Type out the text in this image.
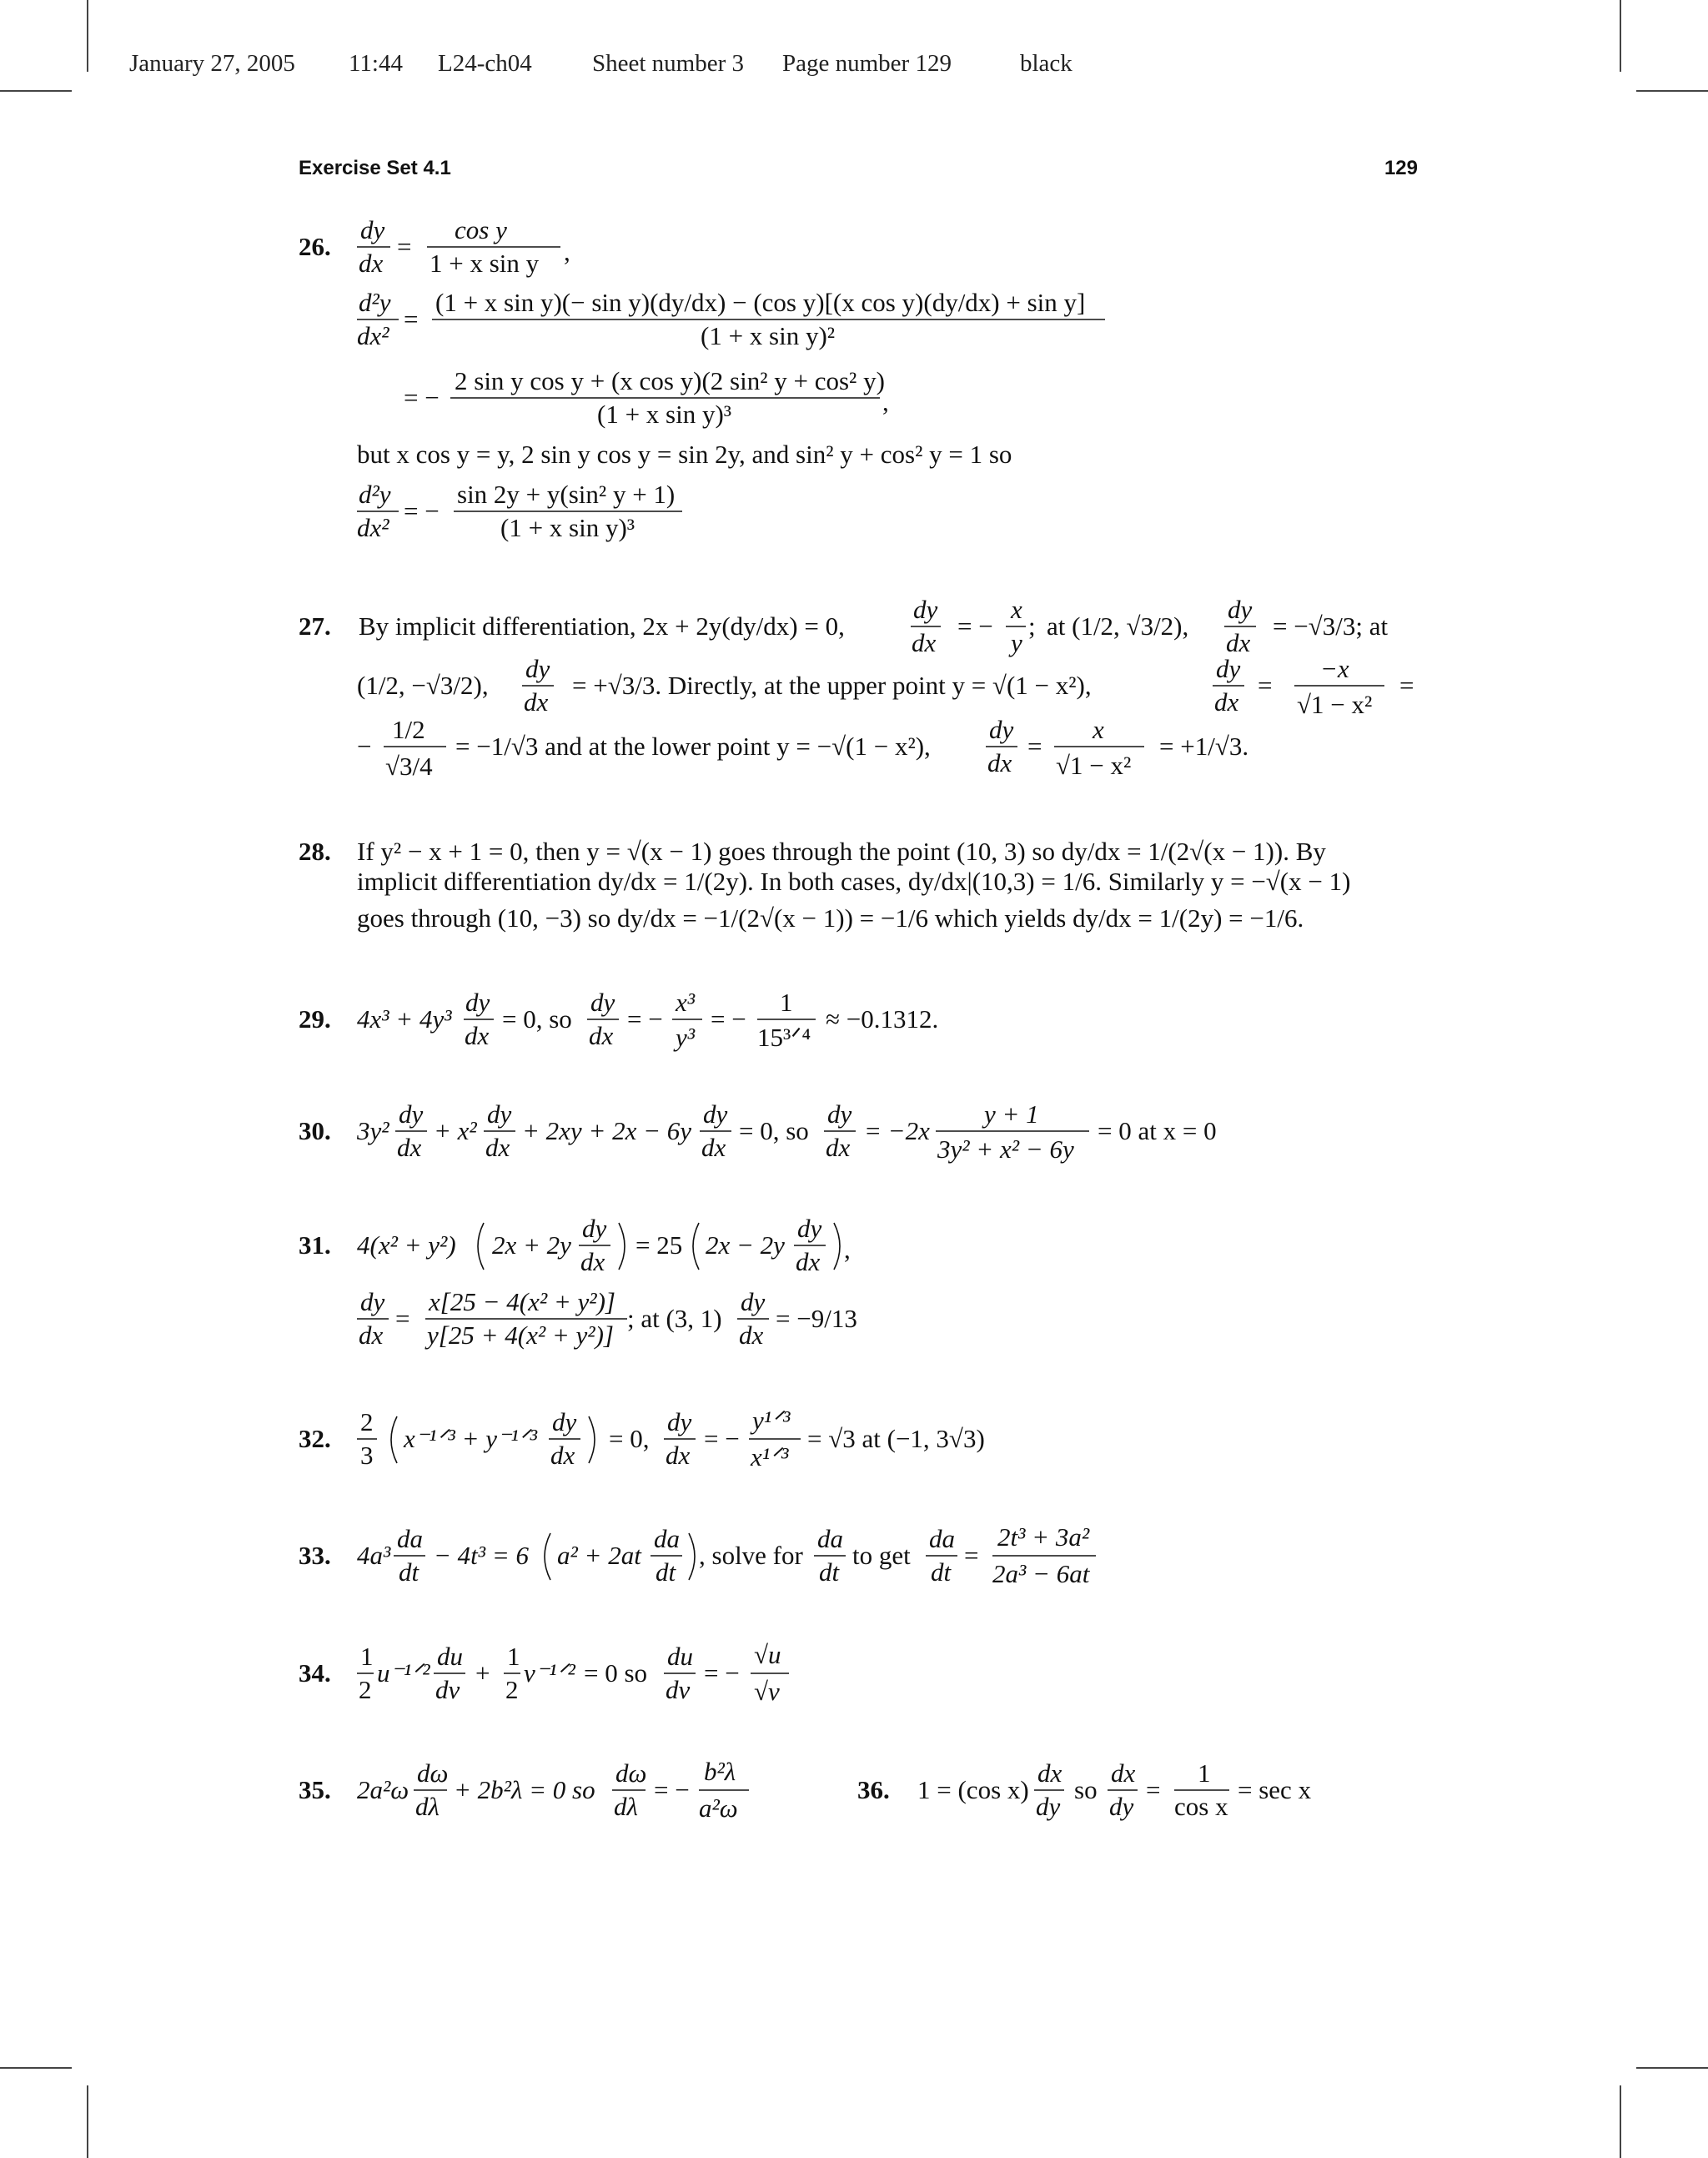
January 27, 2005 11:44 L24-ch04 Sheet number 3 Page number 129	black
Exercise Set 4.1	129
26.
dy
dx
=
cos y
1 + x sin y ,
d²y
dx²
=
(1 + x sin y)(− sin y)(dy/dx) − (cos y)[(x cos y)(dy/dx) + sin y]
(1 + x sin y)²
= −
2 sin y cos y + (x cos y)(2 sin² y + cos² y)
(1 + x sin y)³	,
but x cos y = y, 2 sin y cos y = sin 2y, and sin² y + cos² y = 1 so
d²y
dx²
= −
sin 2y + y(sin² y + 1)
(1 + x sin y)³
27. By implicit differentiation, 2x + 2y(dy/dx) = 0,
dy
dx
= −
x
y
; at (1/2, √3/2),
dy
dx
= −√3/3; at
(1/2, −√3/2),
dy
dx
= +√3/3. Directly, at the upper point y = √(1 − x²),
dy
dx
=
−x
√1 − x²
=
−
1/2
√3/4
= −1/√3 and at the lower point y = −√(1 − x²),
dy
dx
=
x
√1 − x²
= +1/√3.
28. If y² − x + 1 = 0, then y = √(x − 1) goes through the point (10, 3) so dy/dx = 1/(2√(x − 1)). By
implicit differentiation dy/dx = 1/(2y). In both cases, dy/dx|(10,3) = 1/6. Similarly y = −√(x − 1)
goes through (10, −3) so dy/dx = −1/(2√(x − 1)) = −1/6 which yields dy/dx = 1/(2y) = −1/6.
29. 4x³ + 4y³
dy
dx
= 0, so
dy
dx
= −
x³
y³
= −
1
15³ᐟ⁴
≈ −0.1312.
30. 3y²
dy
dx
+ x²
dy
dx
+ 2xy + 2x − 6y
dy
dx
= 0, so
dy
dx
= −2x
y + 1
3y² + x² − 6y
= 0 at x = 0
31. 4(x² + y²) 2x + 2y
dy
dx
= 25 2x − 2y
dy
dx ,
dy
dx
=
x[25 − 4(x² + y²)]
y[25 + 4(x² + y²)]
; at (3, 1)
dy
dx
= −9/13
32.
2
3
x⁻¹ᐟ³ + y⁻¹ᐟ³
dy
dx
= 0,
dy
dx
= −
y¹ᐟ³
x¹ᐟ³
= √3 at (−1, 3√3)
33. 4a³
da
dt
− 4t³ = 6 a² + 2at
da
dt
, solve for
da
dt
to get
da
dt
=
2t³ + 3a²
2a³ − 6at
34.
1
2
u⁻¹ᐟ²
du
dv
+
1
2
v⁻¹ᐟ² = 0 so
du
dv
= −
√u
√v
35. 2a²ω
dω
dλ
+ 2b²λ = 0 so
dω
dλ
= −
b²λ
a²ω
36. 1 = (cos x)
dx
dy
so
dx
dy
=
1
cos x
= sec x
